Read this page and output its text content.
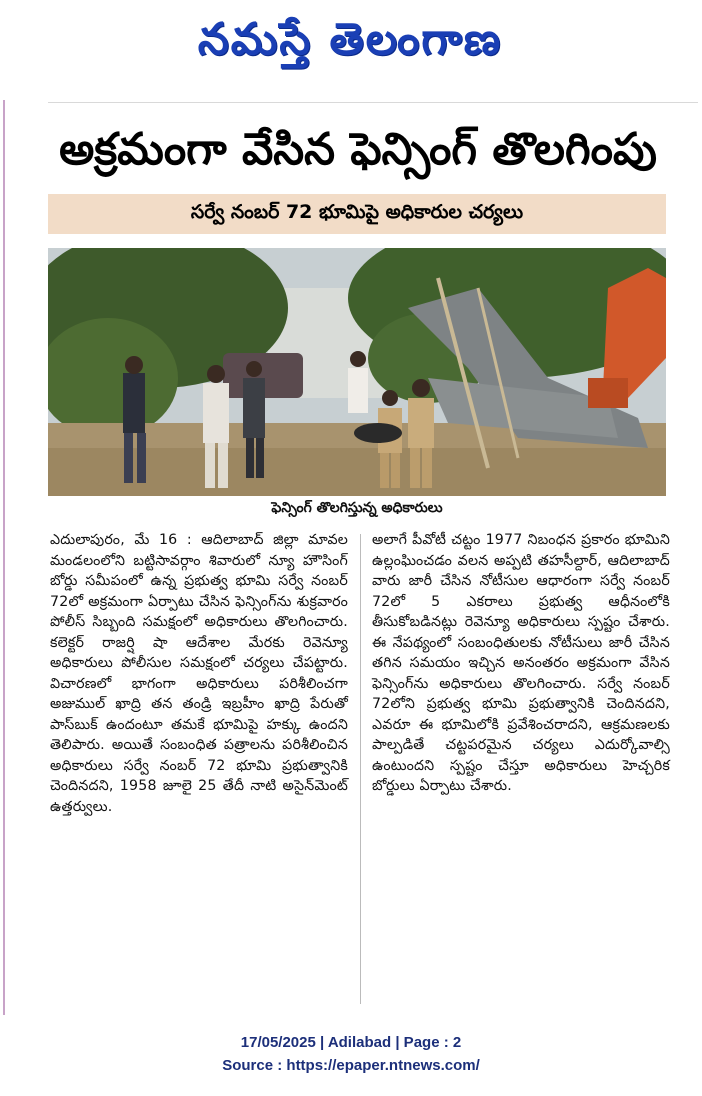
నమస్తే తెలంగాణ
అక్రమంగా వేసిన ఫెన్సింగ్ తొలగింపు
సర్వే నంబర్ 72 భూమిపై అధికారుల చర్యలు
ఫెన్సింగ్ తొలగిస్తున్న అధికారులు
ఎదులాపురం, మే 16 : ఆదిలాబాద్ జిల్లా మావల మండలంలోని బట్టిసావర్గాం శివారులో న్యూ హౌసింగ్ బోర్డు సమీపంలో ఉన్న ప్రభుత్వ భూమి సర్వే నంబర్ 72లో అక్రమంగా ఏర్పాటు చేసిన ఫెన్సింగ్‌ను శుక్రవారం పోలీస్ సిబ్బంది సమక్షంలో అధికారులు తొలగించారు. కలెక్టర్ రాజర్షి షా ఆదేశాల మేరకు రెవెన్యూ అధికారులు పోలీసుల సమక్షంలో చర్యలు చేపట్టారు. విచారణలో భాగంగా అధికారులు పరిశీలించగా అజుముల్ ఖాద్రి తన తండ్రి ఇబ్రహీం ఖాద్రి పేరుతో పాస్‌బుక్ ఉందంటూ తమకే భూమిపై హక్కు ఉందని తెలిపారు. అయితే సంబంధిత పత్రాలను పరిశీలించిన అధికారులు సర్వే నంబర్ 72 భూమి ప్రభుత్వానికి చెందినదని, 1958 జూలై 25 తేదీ నాటి అసైన్‌మెంట్ ఉత్తర్వులు.
అలాగే పీవోటీ చట్టం 1977 నిబంధన ప్రకారం భూమిని ఉల్లంఘించడం వలన అప్పటి తహసీల్దార్, ఆదిలాబాద్ వారు జారీ చేసిన నోటీసుల ఆధారంగా సర్వే నంబర్ 72లో 5 ఎకరాలు ప్రభుత్వ ఆధీనంలోకి తీసుకోబడినట్లు రెవెన్యూ అధికారులు స్పష్టం చేశారు. ఈ నేపథ్యంలో సంబంధితులకు నోటీసులు జారీ చేసిన తగిన సమయం ఇచ్చిన అనంతరం అక్రమంగా వేసిన ఫెన్సింగ్‌ను అధికారులు తొలగించారు. సర్వే నంబర్ 72లోని ప్రభుత్వ భూమి ప్రభుత్వానికి చెందినదని, ఎవరూ ఈ భూమిలోకి ప్రవేశించరాదని, ఆక్రమణలకు పాల్పడితే చట్టపరమైన చర్యలు ఎదుర్కోవాల్సి ఉంటుందని స్పష్టం చేస్తూ అధికారులు హెచ్చరిక బోర్డులు ఏర్పాటు చేశారు.
17/05/2025 | Adilabad | Page : 2
Source : https://epaper.ntnews.com/
